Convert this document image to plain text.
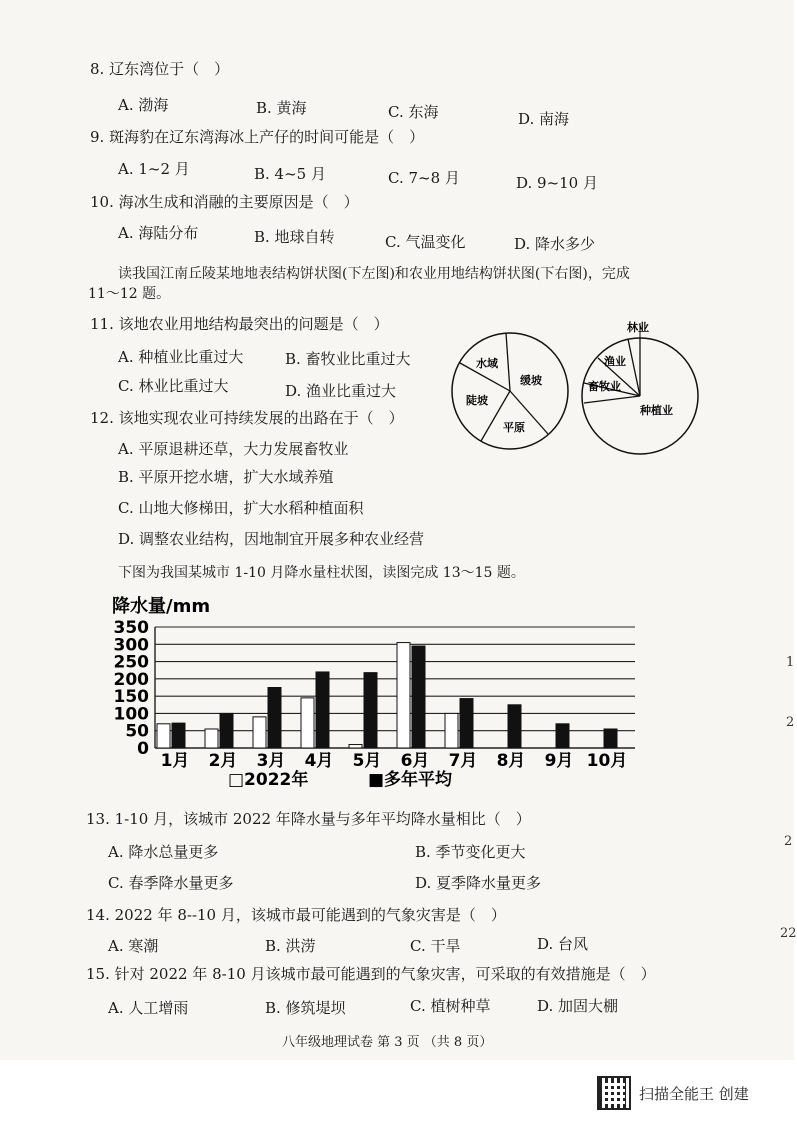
8. 辽东湾位于（　）
A. 渤海	B. 黄海	C. 东海	D. 南海
9. 斑海豹在辽东湾海冰上产仔的时间可能是（　）
A. 1~2 月	B. 4~5 月	C. 7~8 月	D. 9~10 月
10. 海冰生成和消融的主要原因是（　）
A. 海陆分布	B. 地球自转	C. 气温变化	D. 降水多少
读我国江南丘陵某地地表结构饼状图(下左图)和农业用地结构饼状图(下右图)，完成
11～12 题。
11. 该地农业用地结构最突出的问题是（　）
A. 种植业比重过大	B. 畜牧业比重过大
C. 林业比重过大	D. 渔业比重过大
12. 该地实现农业可持续发展的出路在于（　）
A. 平原退耕还草，大力发展畜牧业
B. 平原开挖水塘，扩大水域养殖
C. 山地大修梯田，扩大水稻种植面积
D. 调整农业结构，因地制宜开展多种农业经营
水域
缓坡
陡坡
平原
林业
渔业
畜牧业
种植业
下图为我国某城市 1-10 月降水量柱状图，读图完成 13～15 题。
降水量/mm
0
50
100
150
200
250
300
350
1月 2月 3月 4月 5月 6月 7月 8月 9月 10月
□2022年	■多年平均
13. 1-10 月，该城市 2022 年降水量与多年平均降水量相比（　）
A. 降水总量更多	B. 季节变化更大
C. 春季降水量更多	D. 夏季降水量更多
14. 2022 年 8--10 月，该城市最可能遇到的气象灾害是（　）
A. 寒潮	B. 洪涝	C. 干旱	D. 台风
15. 针对 2022 年 8-10 月该城市最可能遇到的气象灾害，可采取的有效措施是（　）
A. 人工增雨	B. 修筑堤坝	C. 植树种草	D. 加固大棚
1
2
2
22
八年级地理试卷 第 3 页 （共 8 页）
扫描全能王 创建
